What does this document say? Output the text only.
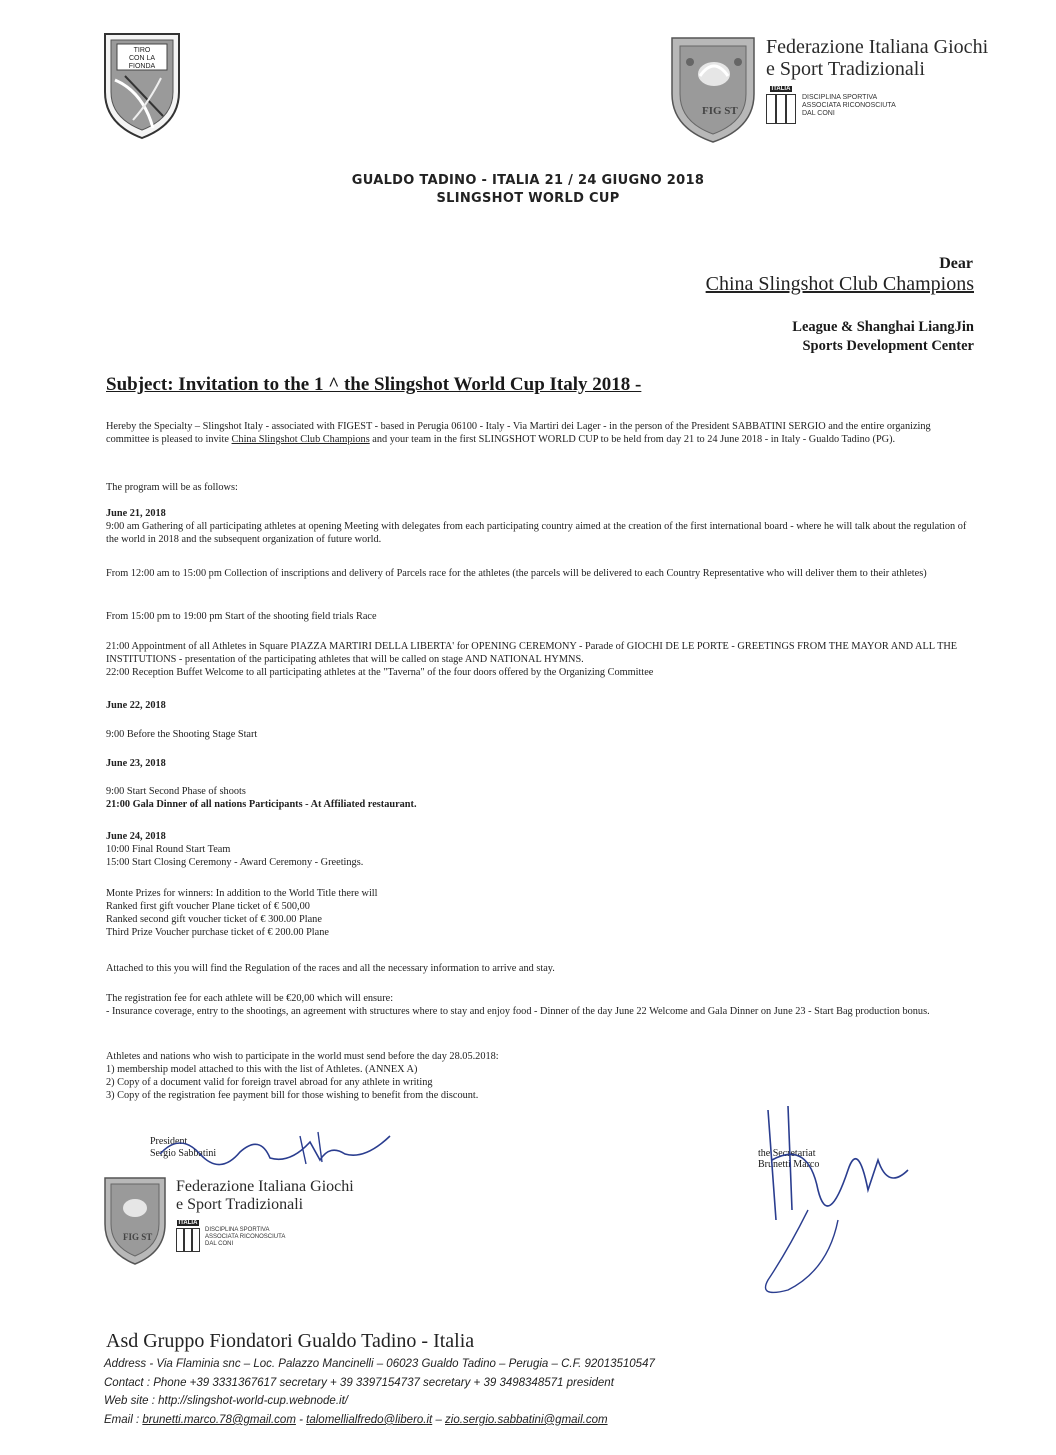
TIRO
CON LA
FIONDA
FIG ST
Federazione Italiana Giochi
e Sport Tradizionali
ITALIA
DISCIPLINA SPORTIVA
ASSOCIATA RICONOSCIUTA
DAL CONI
GUALDO TADINO - ITALIA 21 / 24 GIUGNO 2018
SLINGSHOT WORLD CUP
Dear
China Slingshot Club Champions
League & Shanghai LiangJin
Sports Development Center
Subject: Invitation to the 1 ^ the Slingshot World Cup Italy 2018 -

Hereby the Specialty – Slingshot Italy - associated with FIGEST - based in Perugia 06100 - Italy - Via Martiri dei Lager - in the person of the President SABBATINI SERGIO and the entire organizing committee is pleased to invite China Slingshot Club Champions and your team in the first SLINGSHOT WORLD CUP to be held from day 21 to 24 June 2018 - in Italy - Gualdo Tadino (PG).

The program will be as follows:

June 21, 2018

9:00 am Gathering of all participating athletes at opening Meeting with delegates from each participating country aimed at the creation of the first international board - where he will talk about the regulation of the world in 2018 and the subsequent organization of future world.

From 12:00 am to 15:00 pm Collection of inscriptions and delivery of Parcels race for the athletes (the parcels will be delivered to each Country Representative who will deliver them to their athletes)
From 15:00 pm to 19:00 pm Start of the shooting field trials Race

21:00 Appointment of all Athletes in Square PIAZZA MARTIRI DELLA LIBERTA' for OPENING CEREMONY - Parade of GIOCHI DE LE PORTE - GREETINGS FROM THE MAYOR AND ALL THE INSTITUTIONS - presentation of the participating athletes that will be called on stage AND NATIONAL HYMNS.

22:00 Reception Buffet Welcome to all participating athletes at the "Taverna" of the four doors offered by the Organizing Committee

June 22, 2018
9:00 Before the Shooting Stage Start
June 23, 2018

9:00 Start Second Phase of shoots

21:00 Gala Dinner of all nations Participants - At Affiliated restaurant.

June 24, 2018

10:00 Final Round Start Team

15:00 Start Closing Ceremony - Award Ceremony - Greetings.

Monte Prizes for winners: In addition to the World Title there will

Ranked first gift voucher Plane ticket of € 500,00

Ranked second gift voucher ticket of € 300.00 Plane

Third Prize Voucher purchase ticket of € 200.00 Plane

Attached to this you will find the Regulation of the races and all the necessary information to arrive and stay.

The registration fee for each athlete will be €20,00 which will ensure:

- Insurance coverage, entry to the shootings, an agreement with structures where to stay and enjoy food - Dinner of the day June 22 Welcome and Gala Dinner on June 23 - Start Bag production bonus.

Athletes and nations who wish to participate in the world must send before the day 28.05.2018:

1) membership model attached to this with the list of Athletes. (ANNEX A)

2) Copy of a document valid for foreign travel abroad for any athlete in writing

3) Copy of the registration fee payment bill for those wishing to benefit from the discount.

President
Sergio Sabbatini
FIG ST
Federazione Italiana Giochi
e Sport Tradizionali
ITALIA
DISCIPLINA SPORTIVA
ASSOCIATA RICONOSCIUTA
DAL CONI
the Secretariat
Brunetti Marco
Asd Gruppo Fiondatori Gualdo Tadino - Italia
Address - Via Flaminia snc – Loc. Palazzo Mancinelli – 06023 Gualdo Tadino – Perugia – C.F. 92013510547
Contact : Phone +39 3331367617 secretary + 39 3397154737 secretary + 39 3498348571 president
Web site : http://slingshot-world-cup.webnode.it/
Email : brunetti.marco.78@gmail.com - talomellialfredo@libero.it – zio.sergio.sabbatini@gmail.com
